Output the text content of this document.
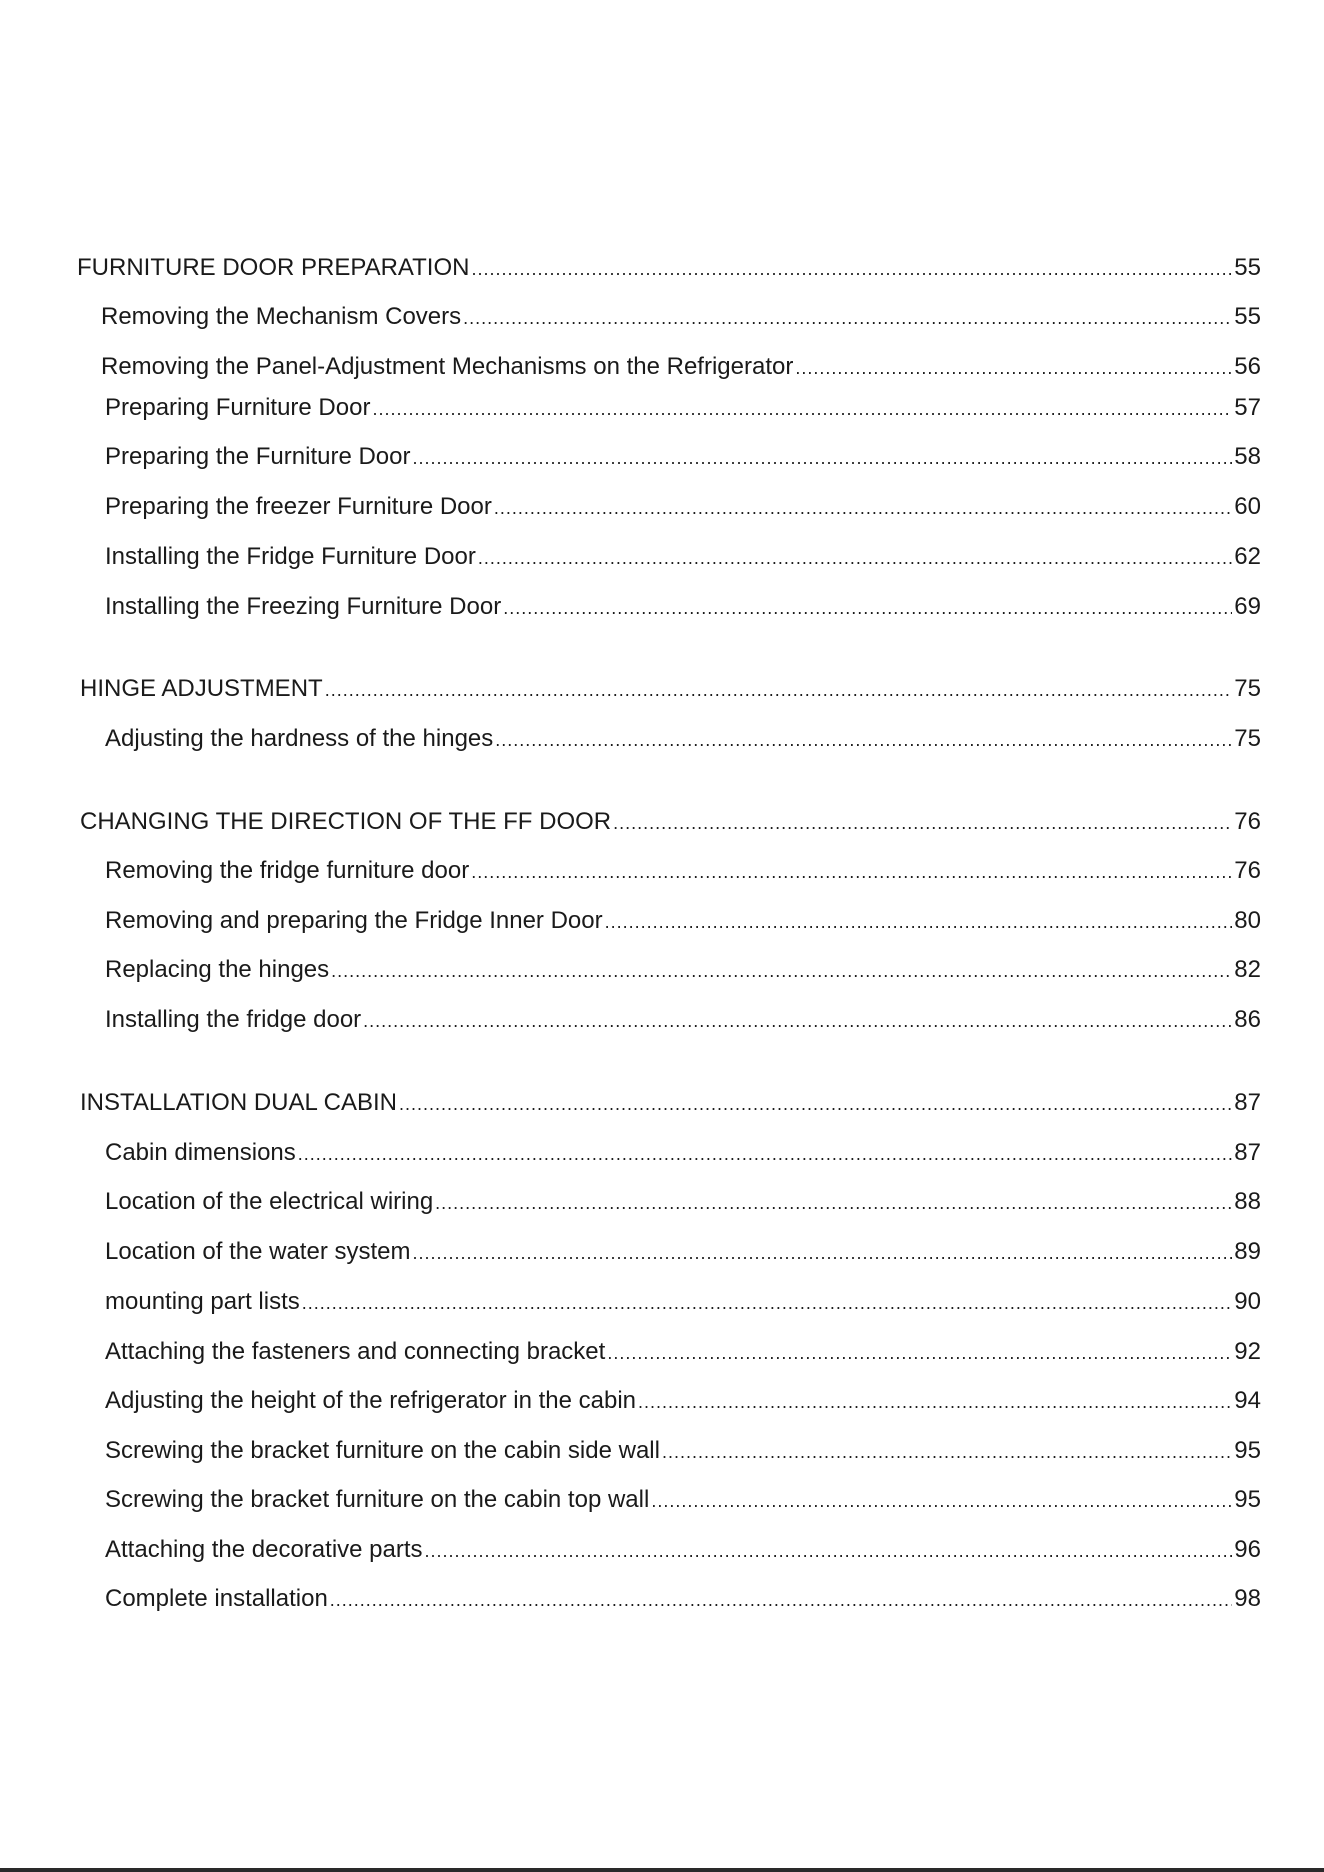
FURNITURE DOOR PREPARATION .....	55
Removing the Mechanism Covers .....	55
Removing the Panel-Adjustment Mechanisms on the Refrigerator .....	56
Preparing Furniture Door .....	57
Preparing the Furniture Door .....	58
Preparing the freezer Furniture Door .....	60
Installing the Fridge Furniture Door .....	62
Installing the Freezing Furniture Door .....	69
HINGE ADJUSTMENT .....	75
Adjusting the hardness of the hinges .....	75
CHANGING THE DIRECTION OF THE FF DOOR .....	76
Removing the fridge furniture door .....	76
Removing and preparing the Fridge Inner Door .....	80
Replacing the hinges .....	82
Installing the fridge door .....	86
INSTALLATION DUAL CABIN .....	87
Cabin dimensions .....	87
Location of the electrical wiring .....	88
Location of the water system .....	89
mounting part lists .....	90
Attaching the fasteners and connecting bracket .....	92
Adjusting the height of the refrigerator in the cabin .....	94
Screwing the bracket furniture on the cabin side wall .....	95
Screwing the bracket furniture on the cabin top wall .....	95
Attaching the decorative parts .....	96
Complete installation .....	98
